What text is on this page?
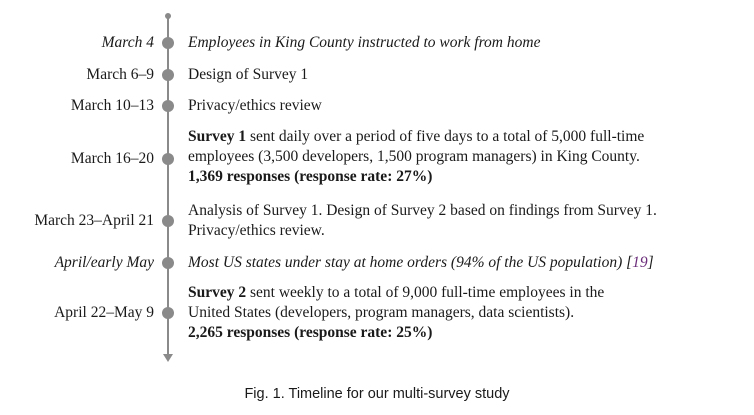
March 4 Employees in King County instructed to work from home
March 6–9 Design of Survey 1
March 10–13 Privacy/ethics review
March 16–20
Survey 1 sent daily over a period of five days to a total of 5,000 full-time
employees (3,500 developers, 1,500 program managers) in King County.
1,369 responses (response rate: 27%)
March 23–April 21
Analysis of Survey 1. Design of Survey 2 based on findings from Survey 1.
Privacy/ethics review.
April/early May Most US states under stay at home orders (94% of the US population) [19]
April 22–May 9
Survey 2 sent weekly to a total of 9,000 full-time employees in the
United States (developers, program managers, data scientists).
2,265 responses (response rate: 25%)
Fig. 1. Timeline for our multi-survey study
